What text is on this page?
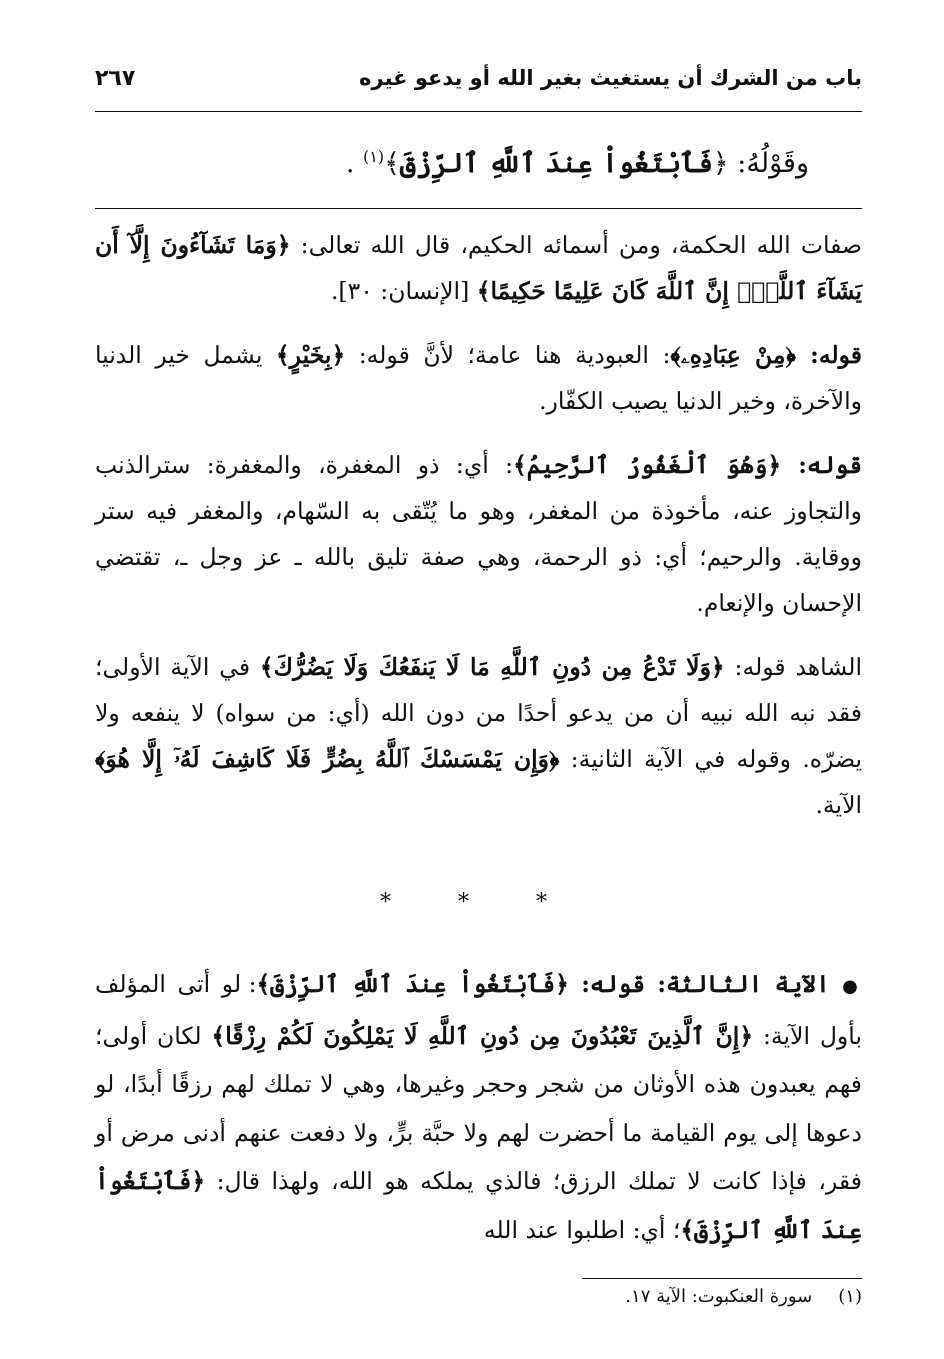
باب من الشرك أن يستغيث بغير الله أو يدعو غيره
٢٦٧
وقَوْلُهُ: ﴿فَٱبْتَغُواْ عِندَ ٱللَّهِ ٱلرِّزْقَ﴾$^{(١)}$ .

صفات الله الحكمة، ومن أسمائه الحكيم، قال الله تعالى: ﴿وَمَا تَشَآءُونَ إِلَّآ أَن يَشَآءَ ٱللَّهُۚ إِنَّ ٱللَّهَ كَانَ عَلِيمًا حَكِيمًا﴾ [الإنسان: ٣٠].

قوله: ﴿مِنْ عِبَادِهِۦ﴾: العبودية هنا عامة؛ لأنَّ قوله: ﴿بِخَيْرٍ﴾ يشمل خير الدنيا والآخرة، وخير الدنيا يصيب الكفّار.

قوله: ﴿وَهُوَ ٱلْغَفُورُ ٱلرَّحِيمُ﴾: أي: ذو المغفرة، والمغفرة: سترالذنب والتجاوز عنه، مأخوذة من المغفر، وهو ما يُتّقى به السّهام، والمغفر فيه ستر ووقاية. والرحيم؛ أي: ذو الرحمة، وهي صفة تليق بالله ـ عز وجل ـ، تقتضي الإحسان والإنعام.

الشاهد قوله: ﴿وَلَا تَدْعُ مِن دُونِ ٱللَّهِ مَا لَا يَنفَعُكَ وَلَا يَضُرُّكَ﴾ في الآية الأولى؛ فقد نبه الله نبيه أن من يدعو أحدًا من دون الله (أي: من سواه) لا ينفعه ولا يضرّه. وقوله في الآية الثانية: ﴿وَإِن يَمْسَسْكَ ٱللَّهُ بِضُرٍّ فَلَا كَاشِفَ لَهُۥٓ إِلَّا هُوَ﴾ الآية.

* * *

● الآية الثالثة: قوله: ﴿فَٱبْتَغُواْ عِندَ ٱللَّهِ ٱلرِّزْقَ﴾: لو أتى المؤلف بأول الآية: ﴿إِنَّ ٱلَّذِينَ تَعْبُدُونَ مِن دُونِ ٱللَّهِ لَا يَمْلِكُونَ لَكُمْ رِزْقًا﴾ لكان أولى؛ فهم يعبدون هذه الأوثان من شجر وحجر وغيرها، وهي لا تملك لهم رزقًا أبدًا، لو دعوها إلى يوم القيامة ما أحضرت لهم ولا حبَّة برٍّ، ولا دفعت عنهم أدنى مرض أو فقر، فإذا كانت لا تملك الرزق؛ فالذي يملكه هو الله، ولهذا قال: ﴿فَٱبْتَغُواْ عِندَ ٱللَّهِ ٱلرِّزْقَ﴾؛ أي: اطلبوا عند الله

(١)سورة العنكبوت: الآية ١٧.
